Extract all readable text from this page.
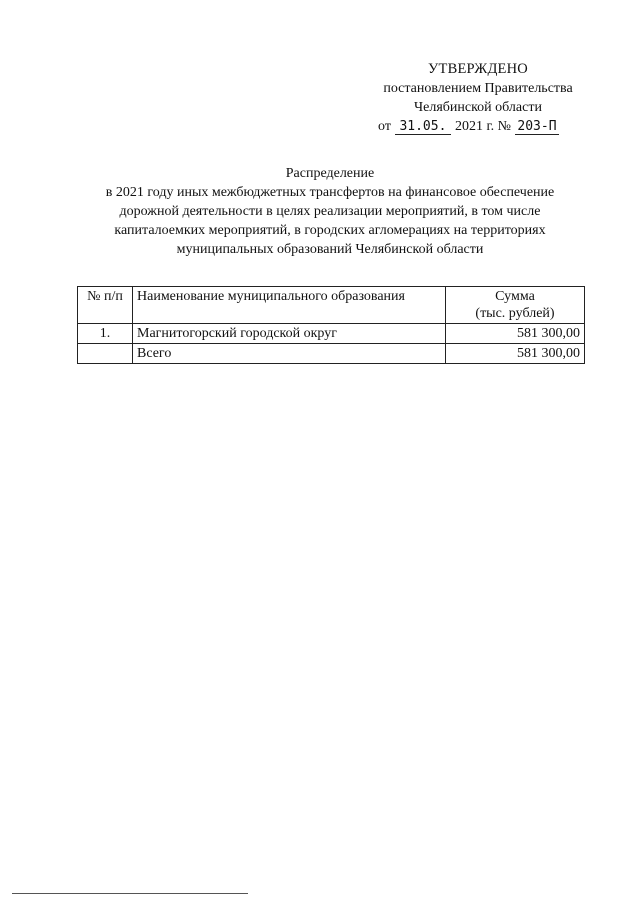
УТВЕРЖДЕНО
постановлением Правительства
Челябинской области
от 31.05. 2021 г. № 203-П
Распределение
в 2021 году иных межбюджетных трансфертов на финансовое обеспечение
дорожной деятельности в целях реализации мероприятий, в том числе
капиталоемких мероприятий, в городских агломерациях на территориях
муниципальных образований Челябинской области
№ п/п	Наименование муниципального образования	Сумма
(тыс. рублей)

1.	Магнитогорский городской округ	581 300,00
	Всего	581 300,00
